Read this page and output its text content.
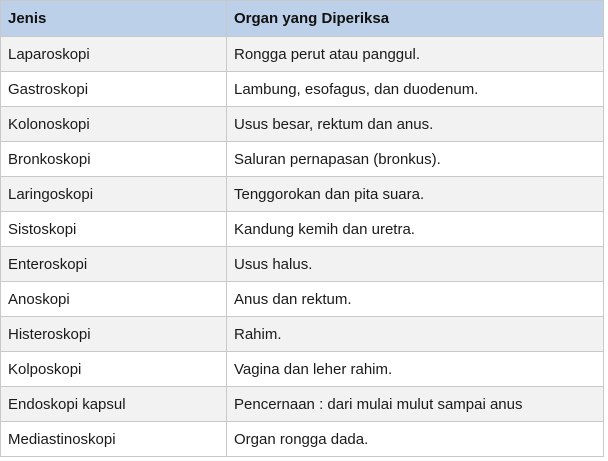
Jenis	Organ yang Diperiksa
Laparoskopi	Rongga perut atau panggul.
Gastroskopi	Lambung, esofagus, dan duodenum.
Kolonoskopi	Usus besar, rektum dan anus.
Bronkoskopi	Saluran pernapasan (bronkus).
Laringoskopi	Tenggorokan dan pita suara.
Sistoskopi	Kandung kemih dan uretra.
Enteroskopi	Usus halus.
Anoskopi	Anus dan rektum.
Histeroskopi	Rahim.
Kolposkopi	Vagina dan leher rahim.
Endoskopi kapsul	Pencernaan : dari mulai mulut sampai anus
Mediastinoskopi	Organ rongga dada.
